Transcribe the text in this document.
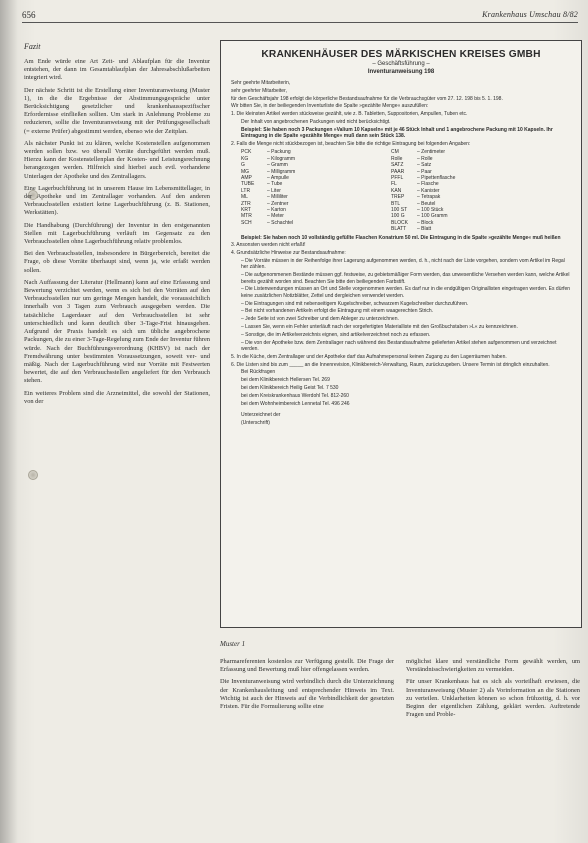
656	Krankenhaus Umschau 8/82
Fazit

Am Ende würde eine Art Zeit- und Ablaufplan für die Inventur entstehen, der dann im Gesamtablaufplan der Jahresabschlußarbeiten integriert wird.

Der nächste Schritt ist die Erstellung einer Inventuranweisung (Muster 1), in die die Ergebnisse der Abstimmungsgespräche unter Berücksichtigung gesetzlicher und krankenhausspezifischer Erfordernisse einfließen sollten. Um stark in Anlehnung Probleme zu reduzieren, sollte die Inventuranweisung mit der Prüfungsgesellschaft (= externe Prüfer) abgestimmt werden, ebenso wie der Zeitplan.

Als nächster Punkt ist zu klären, welche Kostenstellen aufgenommen werden sollen bzw. wo überall Vorräte durchgeführt werden muß. Hierzu kann der Kostenstellenplan der Kosten- und Leistungsrechnung herangezogen werden. Hilfreich sind hierbei auch evtl. vorhandene Unterlagen der Apotheke und des Zentrallagers.

Eine Lagerbuchführung ist in unserem Hause im Lebensmittellager, in der Apotheke und im Zentrallager vorhanden. Auf den anderen Verbrauchsstellen existiert keine Lagerbuchführung (z. B. Stationen, Werkstätten).

Die Handhabung (Durchführung) der Inventur in den erstgenannten Stellen mit Lagerbuchführung verläuft im Gegensatz zu den Verbrauchsstellen ohne Lagerbuchführung relativ problemlos.

Bei den Verbrauchsstellen, insbesondere in Bürgerbereich, bereitet die Frage, ob diese Vorräte überhaupt sind, wenn ja, wie erfaßt werden sollen.

Nach Auffassung der Literatur (Hellmann) kann auf eine Erfassung und Bewertung verzichtet werden, wenn es sich bei den Vorräten auf den Verbrauchsstellen nur um geringe Mengen handelt, die voraussichtlich innerhalb von 3 Tagen zum Verbrauch ausgegeben werden. Die tatsächliche Lagerdauer auf den Verbrauchsstellen ist sehr unterschiedlich und kann deutlich über 3-Tage-Frist hinausgehen. Aufgrund der Praxis handelt es sich um übliche angebrochene Packungen, die zu einer 3-Tage-Regelung zum Ende der Inventur führen würde. Nach der Buchführungsverordnung (KHBV) ist nach der Fremdwährung unter bestimmten Voraussetzungen, soweit ver- und mäßig. Nach der Lagerbuchführung wird nur Vorräte mit Festwerten bewertet, die auf den Verbrauchsstellen angeliefert für den Verbrauch stehen.

Ein weiteres Problem sind die Arzneimittel, die sowohl der Stationen, von der

KRANKENHÄUSER DES MÄRKISCHEN KREISES GMBH
– Geschäftsführung –
Inventuranweisung 198

Sehr geehrte Mitarbeiterin,

sehr geehrter Mitarbeiter,

für den Geschäftsjahr 198 erfolgt die körperliche Bestandsaufnahme für die Verbrauchsgüter vom 27. 12. 198 bis 5. 1. 198.

Wir bitten Sie, in der beiliegenden Inventurliste die Spalte »gezählte Menge« auszufüllen:

1. Die kleinsten Artikel werden stückweise gezählt, wie z. B. Tabletten, Suppositorien, Ampullen, Tuben etc.

Der Inhalt von angebrochenen Packungen wird nicht berücksichtigt.

Beispiel: Sie haben noch 3 Packungen »Valium 10 Kapseln« mit je 46 Stück Inhalt und 1 angebrochene Packung mit 10 Kapseln. Ihr Eintragung in die Spalte »gezählte Menge« muß dann sein Stück 138.

2. Falls die Menge nicht stückbezogen ist, beachten Sie bitte die richtige Eintragung bei folgenden Angaben:

PCK	– Packung
KG	– Kilogramm
G	– Gramm
MG	– Milligramm
AMP	– Ampulle
TUBE	– Tube
LTR	– Liter
ML	– Milliliter
ZTR	– Zentner
KRT	– Karton
MTR	– Meter
SCH	– Schachtel
CM	– Zentimeter
Rolle	– Rolle
SATZ	– Satz
PAAR	– Paar
PFFL	– Pipettenflasche
FL	– Flasche
KAN	– Kanister
TREP	– Tetrapak
BTL	– Beutel
100 ST	– 100 Stück
100 G	– 100 Gramm
BLOCK	– Block
BLATT	– Blatt

Beispiel: Sie haben noch 10 vollständig gefüllte Flaschen Konatrium 50 ml. Die Eintragung in die Spalte »gezählte Menge« muß heißen

3. Ansonsten werden nicht erfaßt!

4. Grundsätzliche Hinweise zur Bestandsaufnahme:

– Die Vorräte müssen in der Reihenfolge ihrer Lagerung aufgenommen werden, d. h., nicht nach der Liste vorgehen, sondern vom Artikel im Regal her zählen.

– Die aufgenommenen Bestände müssen ggf. festweise, zu gebietsmäßiger Form werden, das unwesentliche Versehen werden kann, welche Artikel bereits gezählt worden sind. Beachten Sie bitte den beiliegenden Farbstift.

– Die Listenwendungen müssen an Ort und Stelle vorgenommen werden. Es darf nur in die endgültigen Originallisten eingetragen werden. Es dürfen keine zusätzlichen Notizblätter, Zettel und dergleichen verwendet werden.

– Die Eintragungen sind mit nebenseitigem Kugelschreiber, schwarzem Kugelschreiber durchzuführen.

– Bei nicht vorhandenen Artikeln erfolgt die Eintragung mit einem waagerechten Strich.

– Jede Seite ist von zwei Schreiber und dem Ableger zu unterzeichnen.

– Lassen Sie, wenn ein Fehler unterläuft nach der vorgefertigten Materialliste mit den Großbuchstaben »L« zu kennzeichnen.

– Sonstige, die im Artikelverzeichnis eignen, sind artikelverzeichnet noch zu erfassen.

– Die von der Apotheke bzw. dem Zentrallager nach während des Bestandsaufnahme gelieferten Artikel stehen aufgenommen und verzeichnet werden.

5. In die Küche, dem Zentrallager und der Apotheke darf das Aufnahmepersonal keinen Zugang zu den Lagerräumen haben.

6. Die Listen sind bis zum _____ an die Innenrevision, Klinikbereich-Verwaltung, Raum, zurückzugeben. Unsere Termin ist dringlich einzuhalten.

Bei Rückfragen

bei dem Klinikbereich Hellersen Tel. 269

bei dem Klinikbereich Heilig Geist Tel. 7 530

bei dem Kreiskrankenhaus Werdohl Tel. 812-260

bei dem Wohnheimbereich Lennetal Tel. 496 246

Unterzeichnet der

(Unterschrift)

Muster 1

Pharmareferenten kostenlos zur Verfügung gestellt. Die Frage der Erfassung und Bewertung muß hier offengelassen werden.

Die Inventuranweisung wird verbindlich durch die Unterzeichnung der Krankenhausleitung und entsprechender Hinweis im Text. Wichtig ist auch der Hinweis auf die Verbindlichkeit der gesetzten Fristen. Für die Formulierung sollte eine

möglichst klare und verständliche Form gewählt werden, um Verständnisschwierigkeiten zu vermeiden.

Für unser Krankenhaus hat es sich als vorteilhaft erwiesen, die Inventuranweisung (Muster 2) als Vorinformation an die Stationen zu verteilen. Unklarheiten können so schon frühzeitig, d. h. vor Beginn der eigentlichen Zählung, geklärt werden. Auftretende Fragen und Proble-
